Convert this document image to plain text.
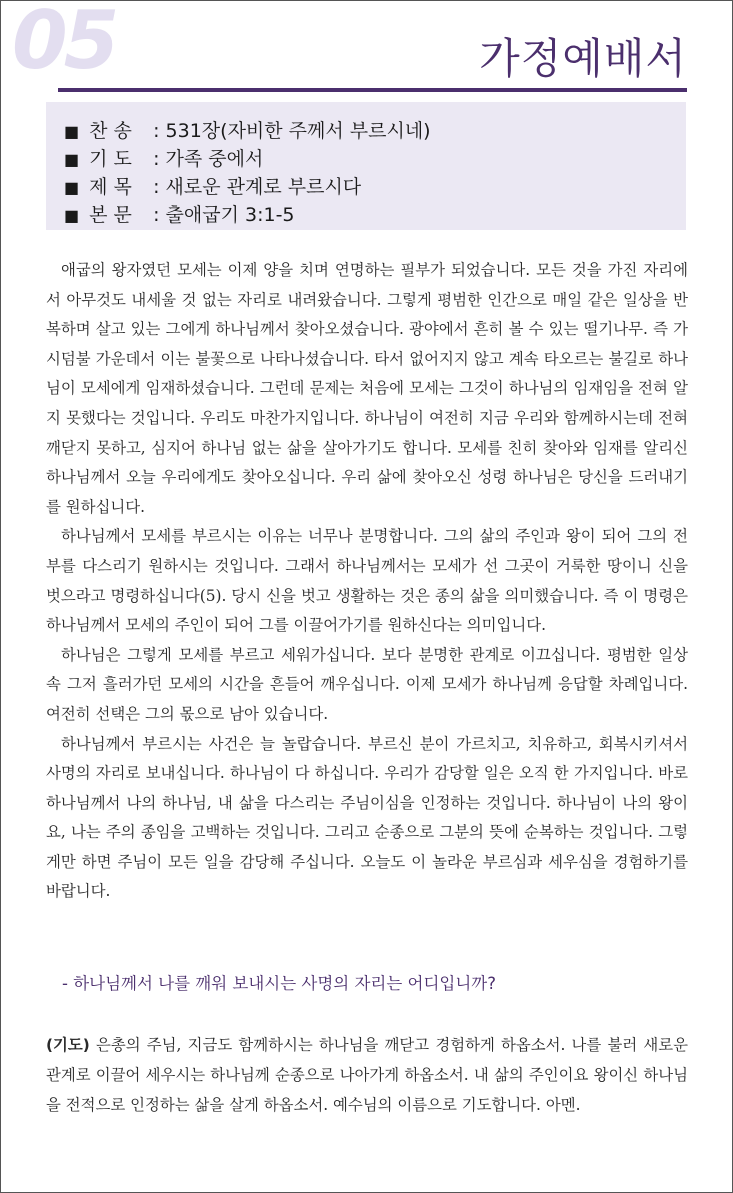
05	가정예배서
■ 찬 송 : 531장(자비한 주께서 부르시네)
■ 기 도 : 가족 중에서
■ 제 목 : 새로운 관계로 부르시다
■ 본 문 : 출애굽기 3:1-5

애굽의 왕자였던 모세는 이제 양을 치며 연명하는 필부가 되었습니다. 모든 것을 가진 자리에서 아무것도 내세울 것 없는 자리로 내려왔습니다. 그렇게 평범한 인간으로 매일 같은 일상을 반복하며 살고 있는 그에게 하나님께서 찾아오셨습니다. 광야에서 흔히 볼 수 있는 떨기나무. 즉 가시덤불 가운데서 이는 불꽃으로 나타나셨습니다. 타서 없어지지 않고 계속 타오르는 불길로 하나님이 모세에게 임재하셨습니다. 그런데 문제는 처음에 모세는 그것이 하나님의 임재임을 전혀 알지 못했다는 것입니다. 우리도 마찬가지입니다. 하나님이 여전히 지금 우리와 함께하시는데 전혀 깨닫지 못하고, 심지어 하나님 없는 삶을 살아가기도 합니다. 모세를 친히 찾아와 임재를 알리신 하나님께서 오늘 우리에게도 찾아오십니다. 우리 삶에 찾아오신 성령 하나님은 당신을 드러내기를 원하십니다.

하나님께서 모세를 부르시는 이유는 너무나 분명합니다. 그의 삶의 주인과 왕이 되어 그의 전부를 다스리기 원하시는 것입니다. 그래서 하나님께서는 모세가 선 그곳이 거룩한 땅이니 신을 벗으라고 명령하십니다(5). 당시 신을 벗고 생활하는 것은 종의 삶을 의미했습니다. 즉 이 명령은 하나님께서 모세의 주인이 되어 그를 이끌어가기를 원하신다는 의미입니다.

하나님은 그렇게 모세를 부르고 세워가십니다. 보다 분명한 관계로 이끄십니다. 평범한 일상 속 그저 흘러가던 모세의 시간을 흔들어 깨우십니다. 이제 모세가 하나님께 응답할 차례입니다. 여전히 선택은 그의 몫으로 남아 있습니다.

하나님께서 부르시는 사건은 늘 놀랍습니다. 부르신 분이 가르치고, 치유하고, 회복시키셔서 사명의 자리로 보내십니다. 하나님이 다 하십니다. 우리가 감당할 일은 오직 한 가지입니다. 바로 하나님께서 나의 하나님, 내 삶을 다스리는 주님이심을 인정하는 것입니다. 하나님이 나의 왕이요, 나는 주의 종임을 고백하는 것입니다. 그리고 순종으로 그분의 뜻에 순복하는 것입니다. 그렇게만 하면 주님이 모든 일을 감당해 주십니다. 오늘도 이 놀라운 부르심과 세우심을 경험하기를 바랍니다.

- 하나님께서 나를 깨워 보내시는 사명의 자리는 어디입니까?
(기도) 은총의 주님, 지금도 함께하시는 하나님을 깨닫고 경험하게 하옵소서. 나를 불러 새로운 관계로 이끌어 세우시는 하나님께 순종으로 나아가게 하옵소서. 내 삶의 주인이요 왕이신 하나님을 전적으로 인정하는 삶을 살게 하옵소서. 예수님의 이름으로 기도합니다. 아멘.
